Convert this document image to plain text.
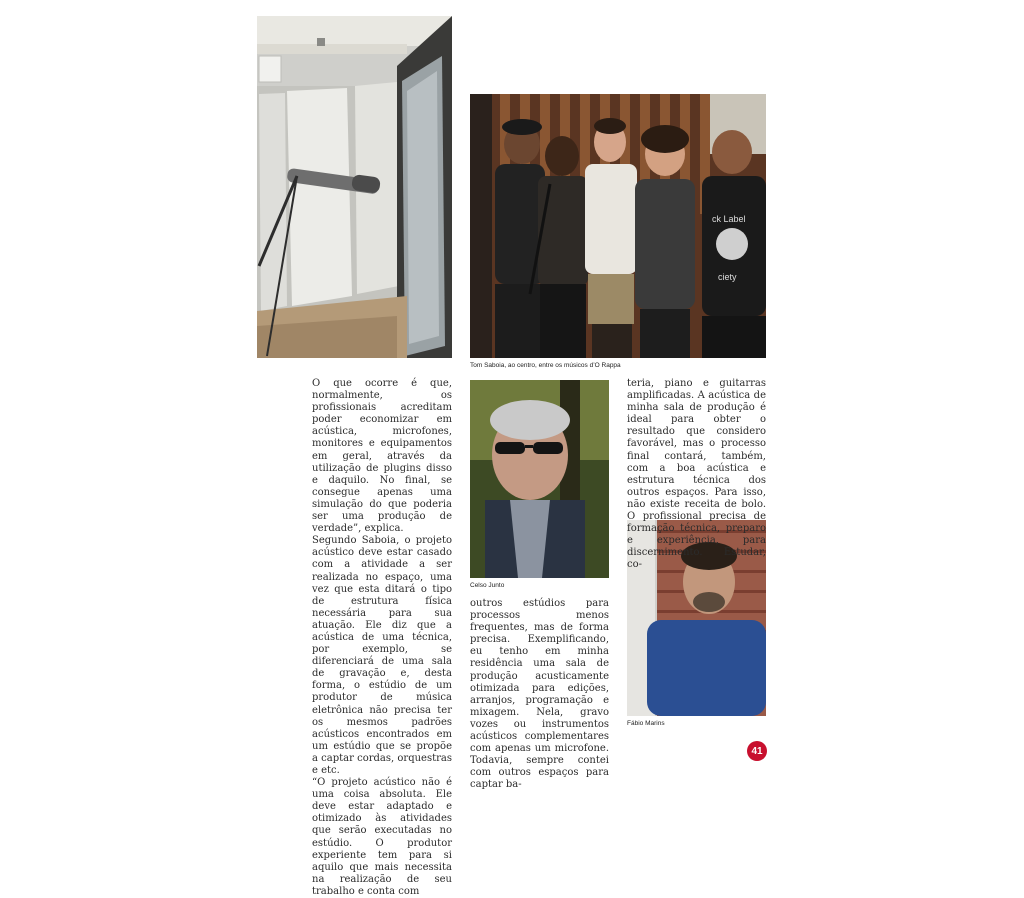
ck Label
ciety
Tom Saboia, ao centro, entre os músicos d’O Rappa
Celso Junto
Fábio Marins

O que ocorre é que, normalmente, os profissionais acreditam poder economizar em acústica, microfones, monitores e equipamentos em geral, através da utilização de plugins disso e daquilo. No final, se consegue apenas uma simulação do que poderia ser uma produção de verdade”, explica.

Segundo Saboia, o projeto acústico deve estar casado com a atividade a ser realizada no espaço, uma vez que esta ditará o tipo de estrutura física necessária para sua atuação. Ele diz que a acústica de uma técnica, por exemplo, se diferenciará de uma sala de gravação e, desta forma, o estúdio de um produtor de música eletrônica não precisa ter os mesmos padrões acústicos encontrados em um estúdio que se propõe a captar cordas, orquestras e etc.

“O projeto acústico não é uma coisa absoluta. Ele deve estar adaptado e otimizado às atividades que serão executadas no estúdio. O produtor experiente tem para si aquilo que mais necessita na realização de seu trabalho e conta com

outros estúdios para processos menos frequentes, mas de forma precisa. Exemplificando, eu tenho em minha residência uma sala de produção acusticamente otimizada para edições, arranjos, programação e mixagem. Nela, gravo vozes ou instrumentos acústicos complementares com apenas um microfone. Todavia, sempre contei com outros espaços para captar ba-

teria, piano e guitarras amplificadas. A acústica de minha sala de produção é ideal para obter o resultado que considero favorável, mas o processo final contará, também, com a boa acústica e estrutura técnica dos outros espaços. Para isso, não existe receita de bolo. O profissional precisa de formação técnica, preparo e experiência, para discernimento. Estudar, co-

41
